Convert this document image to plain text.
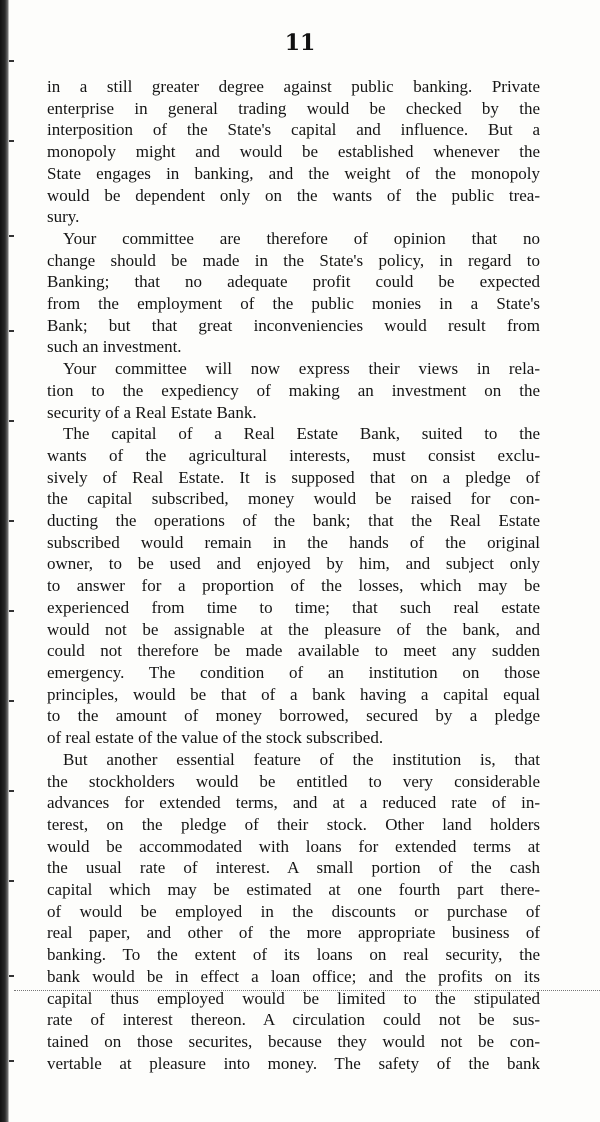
11
in a still greater degree against public banking. Private
enterprise in general trading would be checked by the
interposition of the State's capital and influence. But a
monopoly might and would be established whenever the
State engages in banking, and the weight of the monopoly
would be dependent only on the wants of the public trea-
sury.
Your committee are therefore of opinion that no
change should be made in the State's policy, in regard to
Banking; that no adequate profit could be expected
from the employment of the public monies in a State's
Bank; but that great inconveniencies would result from
such an investment.
Your committee will now express their views in rela-
tion to the expediency of making an investment on the
security of a Real Estate Bank.
The capital of a Real Estate Bank, suited to the
wants of the agricultural interests, must consist exclu-
sively of Real Estate. It is supposed that on a pledge of
the capital subscribed, money would be raised for con-
ducting the operations of the bank; that the Real Estate
subscribed would remain in the hands of the original
owner, to be used and enjoyed by him, and subject only
to answer for a proportion of the losses, which may be
experienced from time to time; that such real estate
would not be assignable at the pleasure of the bank, and
could not therefore be made available to meet any sudden
emergency. The condition of an institution on those
principles, would be that of a bank having a capital equal
to the amount of money borrowed, secured by a pledge
of real estate of the value of the stock subscribed.
But another essential feature of the institution is, that
the stockholders would be entitled to very considerable
advances for extended terms, and at a reduced rate of in-
terest, on the pledge of their stock. Other land holders
would be accommodated with loans for extended terms at
the usual rate of interest. A small portion of the cash
capital which may be estimated at one fourth part there-
of would be employed in the discounts or purchase of
real paper, and other of the more appropriate business of
banking. To the extent of its loans on real security, the
bank would be in effect a loan office; and the profits on its
capital thus employed would be limited to the stipulated
rate of interest thereon. A circulation could not be sus-
tained on those securites, because they would not be con-
vertable at pleasure into money. The safety of the bank
